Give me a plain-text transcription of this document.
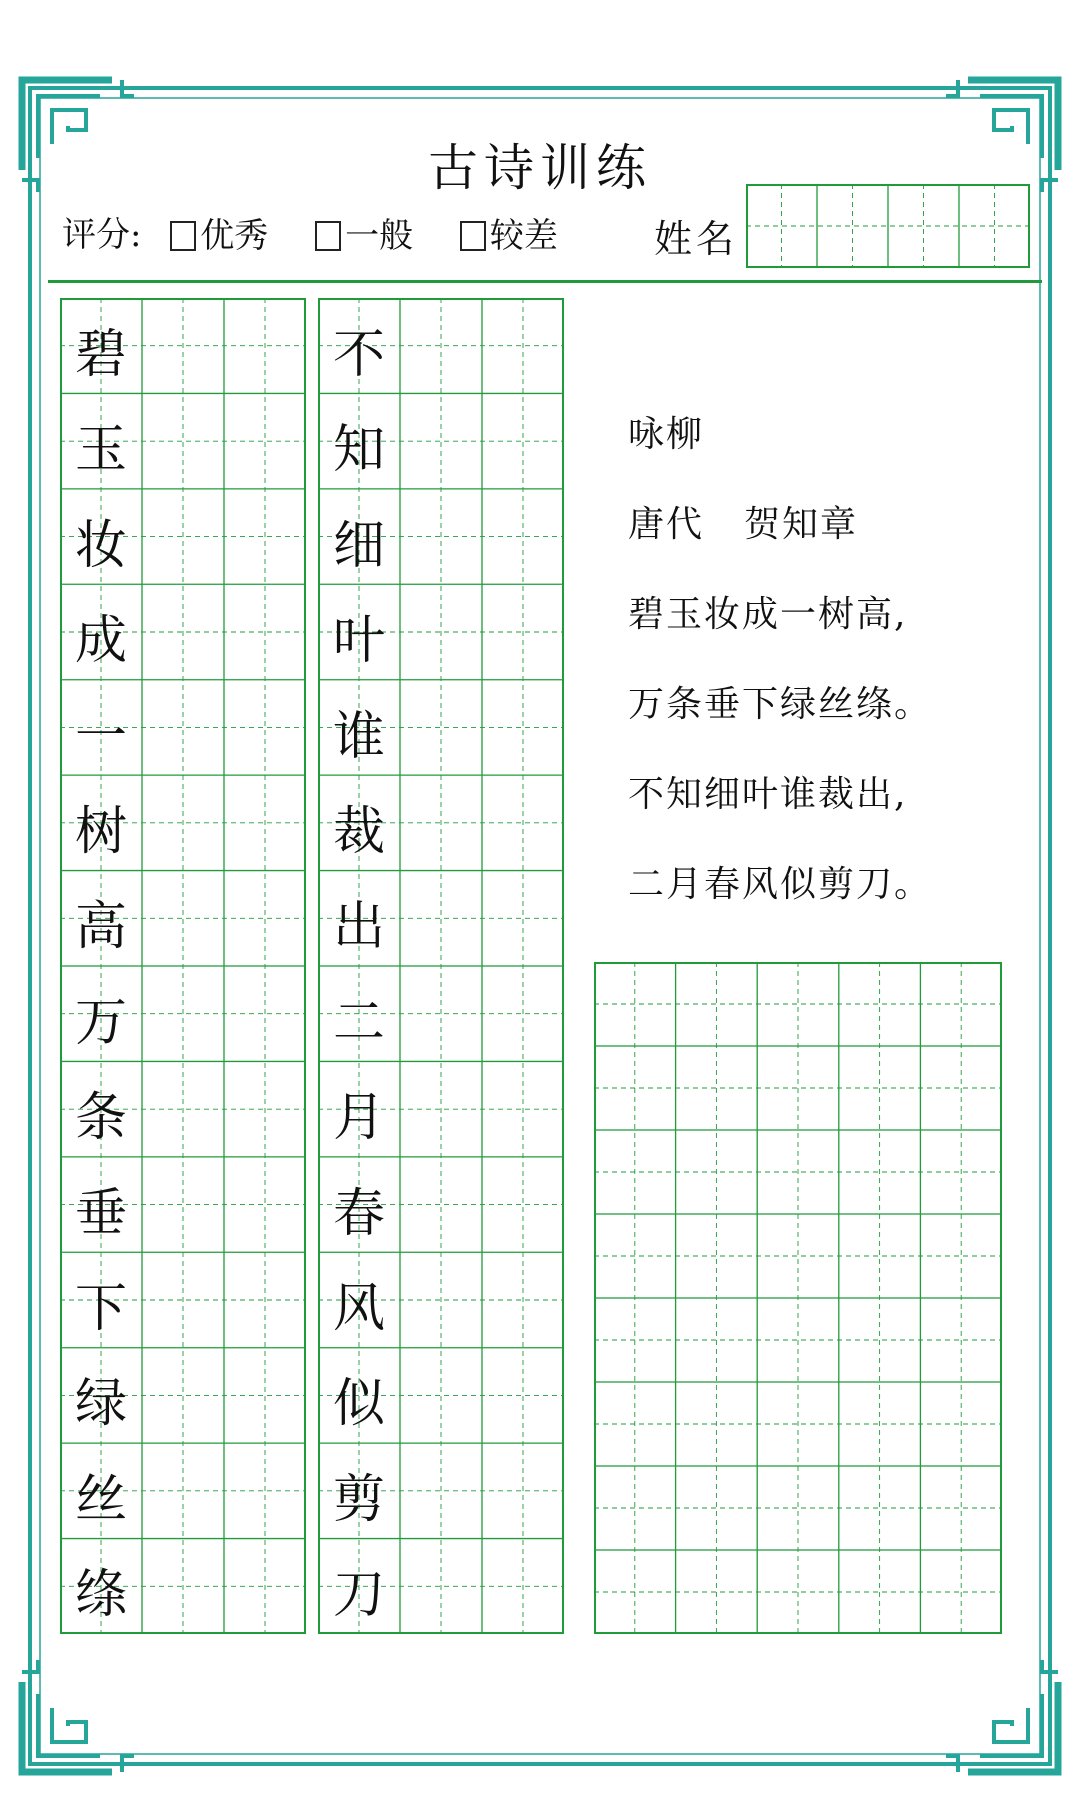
古诗训练
评分: 优秀 一般 较差	姓名
碧
玉
妆
成
一
树
高
万
条
垂
下
绿
丝
绦
不
知
细
叶
谁
裁
出
二
月
春
风
似
剪
刀
咏柳
唐代 贺知章
碧玉妆成一树高,
万条垂下绿丝绦。
不知细叶谁裁出,
二月春风似剪刀。
